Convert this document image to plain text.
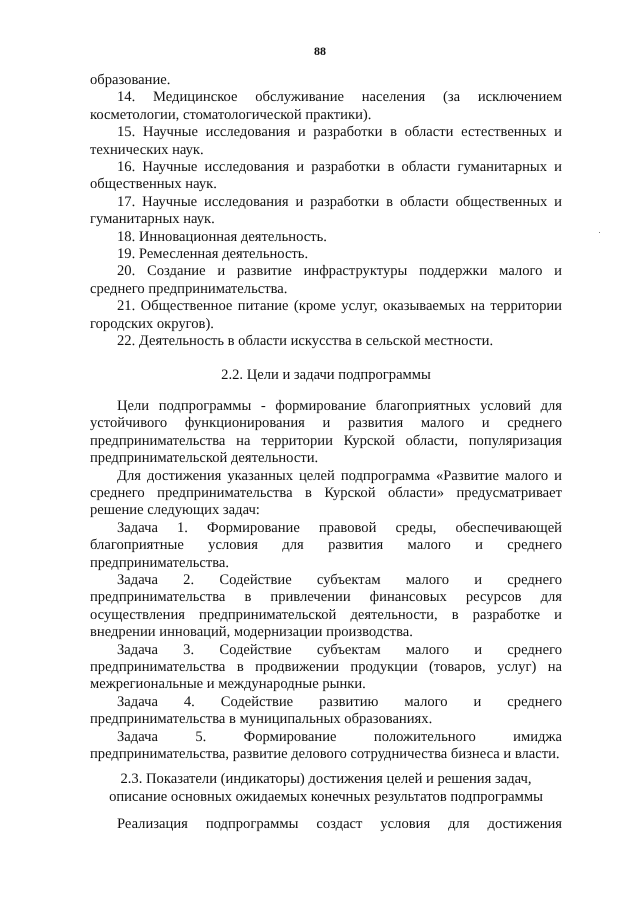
88

образование.

14. Медицинское обслуживание населения (за исключением косметологии, стоматологической практики).

15. Научные исследования и разработки в области естественных и технических наук.

16. Научные исследования и разработки в области гуманитарных и общественных наук.

17. Научные исследования и разработки в области общественных и гуманитарных наук.

18. Инновационная деятельность.

19. Ремесленная деятельность.

20. Создание и развитие инфраструктуры поддержки малого и среднего предпринимательства.

21. Общественное питание (кроме услуг, оказываемых на территории городских округов).

22. Деятельность в области искусства в сельской местности.

2.2. Цели и задачи подпрограммы

Цели подпрограммы - формирование благоприятных условий для устойчивого функционирования и развития малого и среднего предпринимательства на территории Курской области, популяризация предпринимательской деятельности.

Для достижения указанных целей подпрограмма «Развитие малого и среднего предпринимательства в Курской области» предусматривает решение следующих задач:

Задача 1. Формирование правовой среды, обеспечивающей благоприятные условия для развития малого и среднего предпринимательства.

Задача 2. Содействие субъектам малого и среднего предпринимательства в привлечении финансовых ресурсов для осуществления предпринимательской деятельности, в разработке и внедрении инноваций, модернизации производства.

Задача 3. Содействие субъектам малого и среднего предпринимательства в продвижении продукции (товаров, услуг) на межрегиональные и международные рынки.

Задача 4. Содействие развитию малого и среднего предпринимательства в муниципальных образованиях.

Задача 5. Формирование положительного имиджа предпринимательства, развитие делового сотрудничества бизнеса и власти.

2.3. Показатели (индикаторы) достижения целей и решения задач,
описание основных ожидаемых конечных результатов подпрограммы

Реализация подпрограммы создаст условия для достижения
